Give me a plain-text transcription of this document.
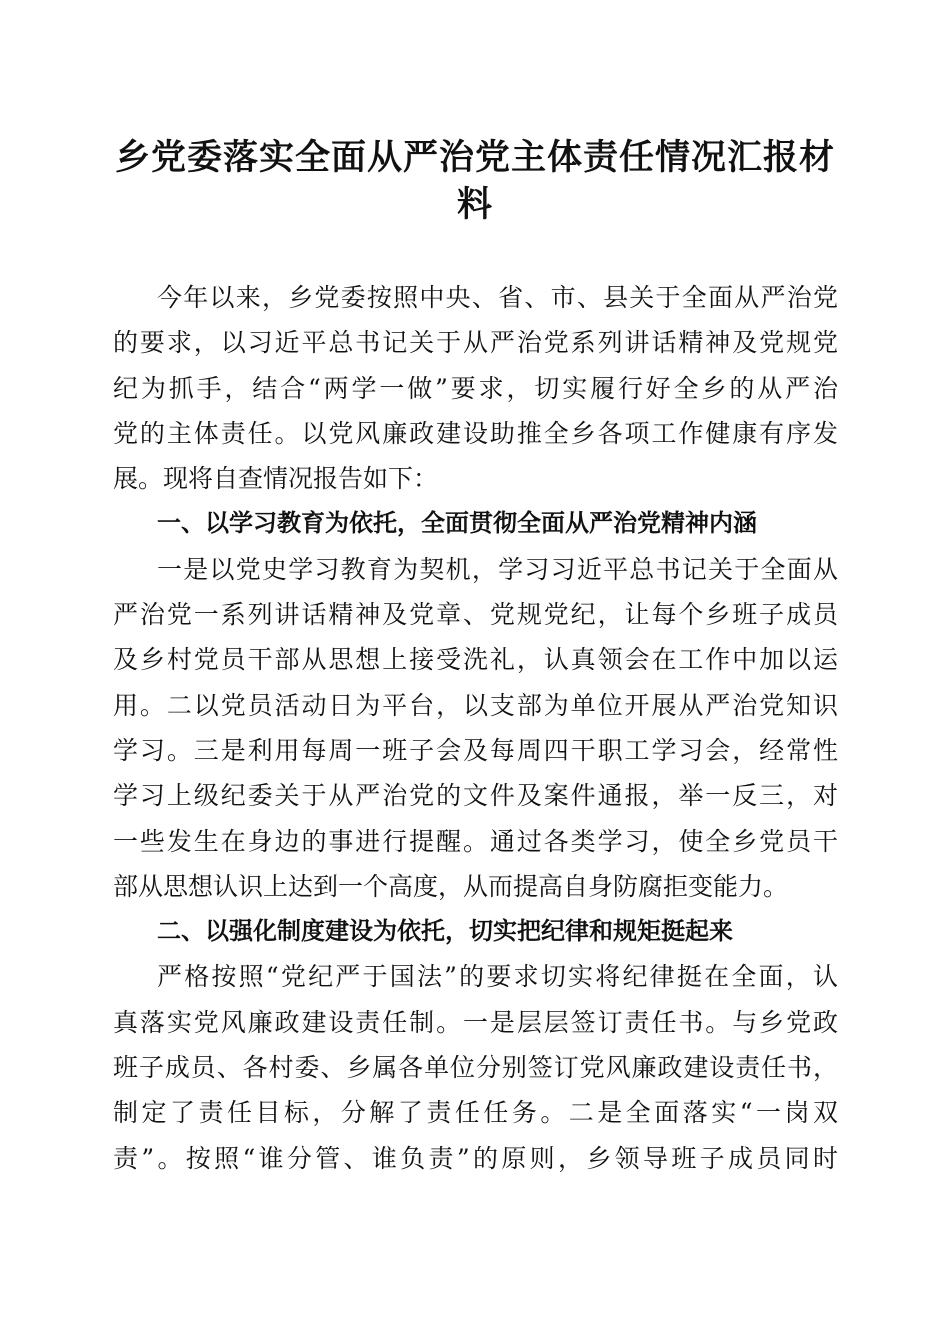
乡党委落实全面从严治党主体责任情况汇报材
料
今年以来，乡党委按照中央、省、市、县关于全面从严治党
的要求，以习近平总书记关于从严治党系列讲话精神及党规党
纪为抓手，结合“两学一做”要求，切实履行好全乡的从严治
党的主体责任。以党风廉政建设助推全乡各项工作健康有序发
展。现将自查情况报告如下：
一、以学习教育为依托，全面贯彻全面从严治党精神内涵
一是以党史学习教育为契机，学习习近平总书记关于全面从
严治党一系列讲话精神及党章、党规党纪，让每个乡班子成员
及乡村党员干部从思想上接受洗礼，认真领会在工作中加以运
用。二以党员活动日为平台，以支部为单位开展从严治党知识
学习。三是利用每周一班子会及每周四干职工学习会，经常性
学习上级纪委关于从严治党的文件及案件通报，举一反三，对
一些发生在身边的事进行提醒。通过各类学习，使全乡党员干
部从思想认识上达到一个高度，从而提高自身防腐拒变能力。
二、以强化制度建设为依托，切实把纪律和规矩挺起来
严格按照“党纪严于国法”的要求切实将纪律挺在全面，认
真落实党风廉政建设责任制。一是层层签订责任书。与乡党政
班子成员、各村委、乡属各单位分别签订党风廉政建设责任书，
制定了责任目标，分解了责任任务。二是全面落实“一岗双
责”。按照“谁分管、谁负责”的原则，乡领导班子成员同时
